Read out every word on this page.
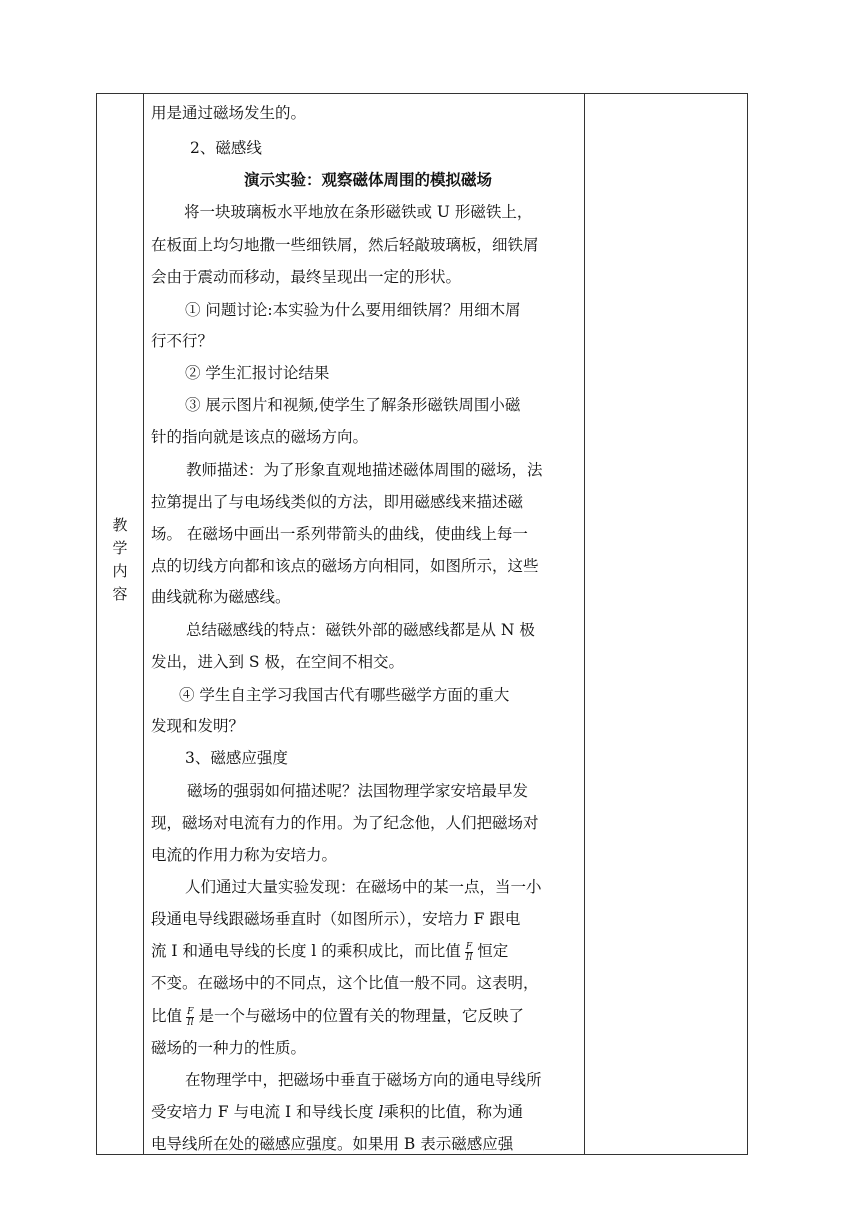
教
学
内
容
用是通过磁场发生的。
2、磁感线
演示实验：观察磁体周围的模拟磁场
将一块玻璃板水平地放在条形磁铁或 U 形磁铁上，
在板面上均匀地撒一些细铁屑，然后轻敲玻璃板，细铁屑
会由于震动而移动，最终呈现出一定的形状。
① 问题讨论:本实验为什么要用细铁屑？用细木屑
行不行？
② 学生汇报讨论结果
③ 展示图片和视频,使学生了解条形磁铁周围小磁
针的指向就是该点的磁场方向。
教师描述：为了形象直观地描述磁体周围的磁场，法
拉第提出了与电场线类似的方法，即用磁感线来描述磁
场。 在磁场中画出一系列带箭头的曲线，使曲线上每一
点的切线方向都和该点的磁场方向相同，如图所示，这些
曲线就称为磁感线。
总结磁感线的特点：磁铁外部的磁感线都是从 N 极
发出，进入到 S 极，在空间不相交。
④ 学生自主学习我国古代有哪些磁学方面的重大
发现和发明？
3、磁感应强度
磁场的强弱如何描述呢？法国物理学家安培最早发
现，磁场对电流有力的作用。为了纪念他，人们把磁场对
电流的作用力称为安培力。
人们通过大量实验发现：在磁场中的某一点，当一小
段通电导线跟磁场垂直时（如图所示），安培力 F 跟电
流 I 和通电导线的长度 l 的乘积成比，而比值 $\frac{F}{Il}$ 恒定
不变。在磁场中的不同点，这个比值一般不同。这表明，
比值 $\frac{F}{Il}$ 是一个与磁场中的位置有关的物理量，它反映了
磁场的一种力的性质。
在物理学中，把磁场中垂直于磁场方向的通电导线所
受安培力 F 与电流 I 和导线长度 l乘积的比值，称为通
电导线所在处的磁感应强度。如果用 B 表示磁感应强
